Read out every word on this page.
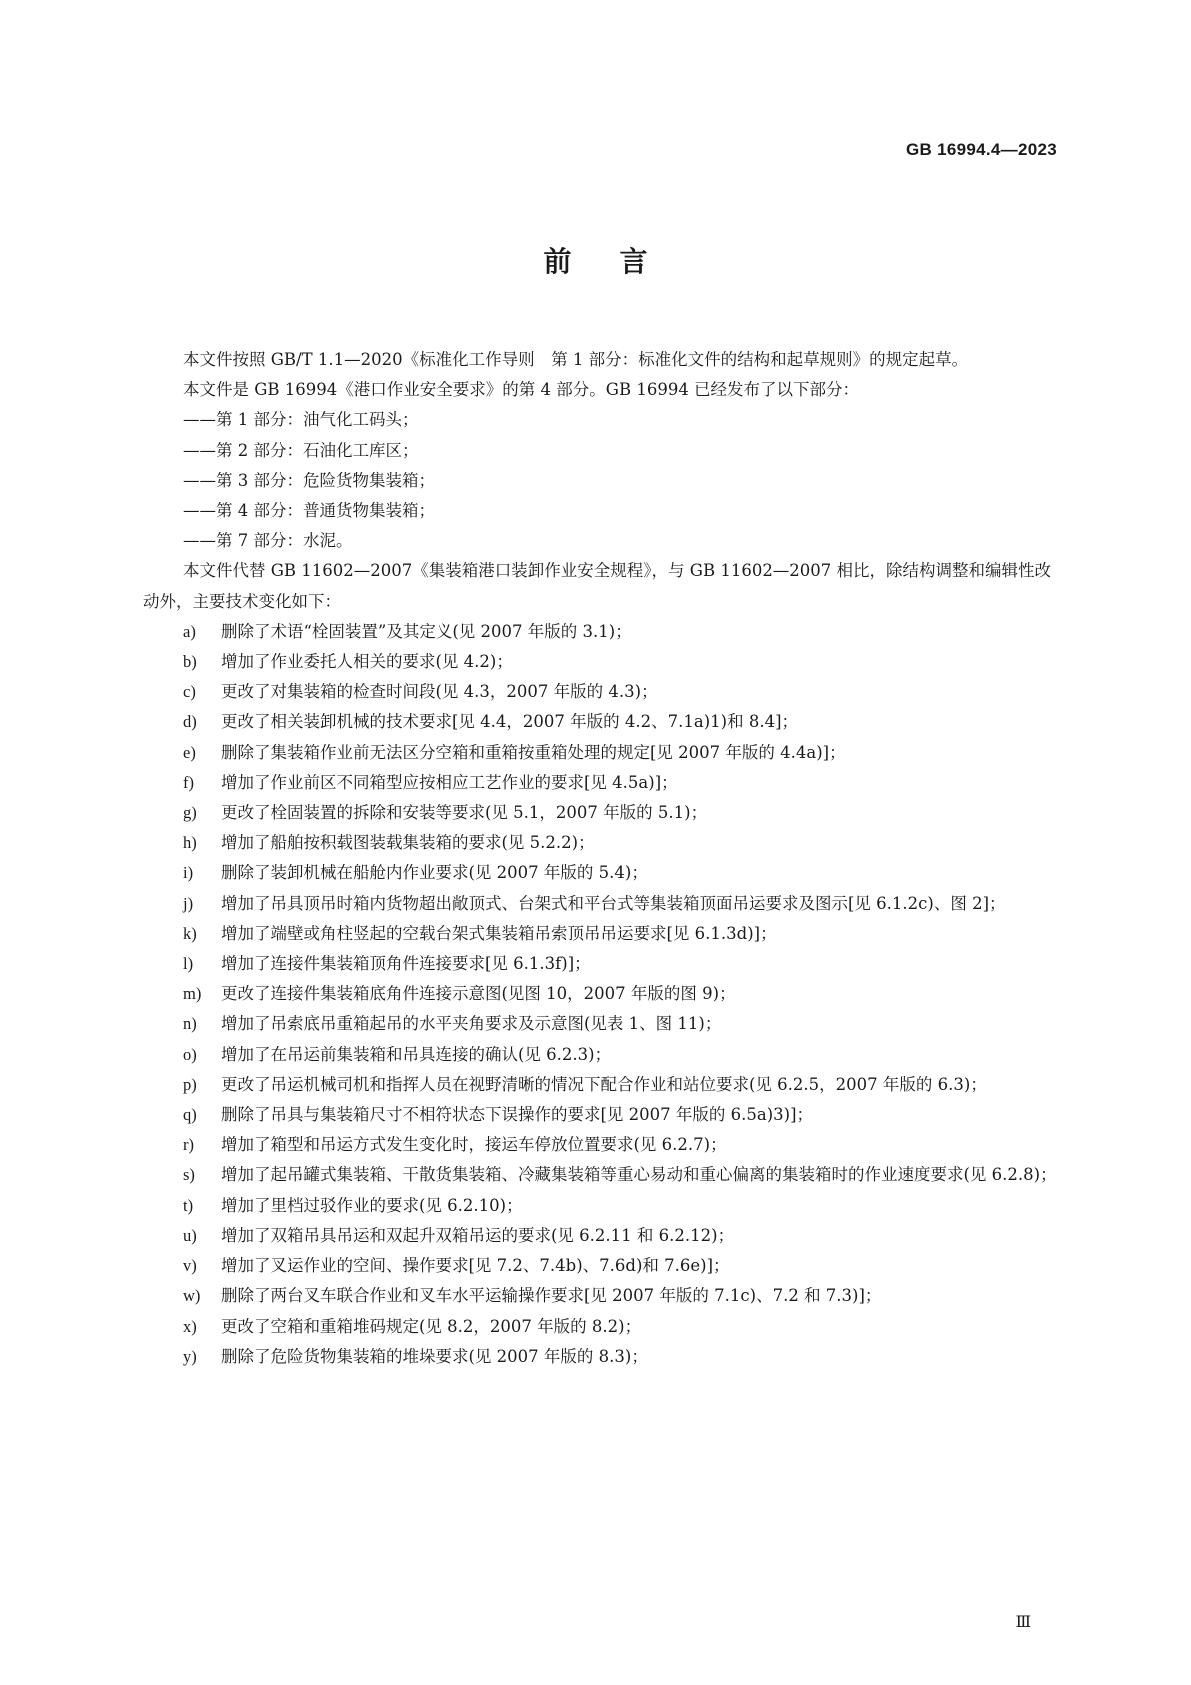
GB 16994.4—2023
前言

本文件按照 GB/T 1.1—2020《标准化工作导则　第 1 部分：标准化文件的结构和起草规则》的规定起草。

本文件是 GB 16994《港口作业安全要求》的第 4 部分。GB 16994 已经发布了以下部分：

——第 1 部分：油气化工码头；

——第 2 部分：石油化工库区；

——第 3 部分：危险货物集装箱；

——第 4 部分：普通货物集装箱；

——第 7 部分：水泥。

本文件代替 GB 11602—2007《集装箱港口装卸作业安全规程》，与 GB 11602—2007 相比，除结构调整和编辑性改动外，主要技术变化如下：

a)	删除了术语“栓固装置”及其定义(见 2007 年版的 3.1)；
b)	增加了作业委托人相关的要求(见 4.2)；
c)	更改了对集装箱的检查时间段(见 4.3，2007 年版的 4.3)；
d)	更改了相关装卸机械的技术要求[见 4.4，2007 年版的 4.2、7.1a)1)和 8.4]；
e)	删除了集装箱作业前无法区分空箱和重箱按重箱处理的规定[见 2007 年版的 4.4a)]；
f)	增加了作业前区不同箱型应按相应工艺作业的要求[见 4.5a)]；
g)	更改了栓固装置的拆除和安装等要求(见 5.1，2007 年版的 5.1)；
h)	增加了船舶按积载图装载集装箱的要求(见 5.2.2)；
i)	删除了装卸机械在船舱内作业要求(见 2007 年版的 5.4)；
j)	增加了吊具顶吊时箱内货物超出敞顶式、台架式和平台式等集装箱顶面吊运要求及图示[见 6.1.2c)、图 2]；
k)	增加了端壁或角柱竖起的空载台架式集装箱吊索顶吊吊运要求[见 6.1.3d)]；
l)	增加了连接件集装箱顶角件连接要求[见 6.1.3f)]；
m)	更改了连接件集装箱底角件连接示意图(见图 10，2007 年版的图 9)；
n)	增加了吊索底吊重箱起吊的水平夹角要求及示意图(见表 1、图 11)；
o)	增加了在吊运前集装箱和吊具连接的确认(见 6.2.3)；
p)	更改了吊运机械司机和指挥人员在视野清晰的情况下配合作业和站位要求(见 6.2.5，2007 年版的 6.3)；
q)	删除了吊具与集装箱尺寸不相符状态下误操作的要求[见 2007 年版的 6.5a)3)]；
r)	增加了箱型和吊运方式发生变化时，接运车停放位置要求(见 6.2.7)；
s)	增加了起吊罐式集装箱、干散货集装箱、冷藏集装箱等重心易动和重心偏离的集装箱时的作业速度要求(见 6.2.8)；
t)	增加了里档过驳作业的要求(见 6.2.10)；
u)	增加了双箱吊具吊运和双起升双箱吊运的要求(见 6.2.11 和 6.2.12)；
v)	增加了叉运作业的空间、操作要求[见 7.2、7.4b)、7.6d)和 7.6e)]；
w)	删除了两台叉车联合作业和叉车水平运输操作要求[见 2007 年版的 7.1c)、7.2 和 7.3)]；
x)	更改了空箱和重箱堆码规定(见 8.2，2007 年版的 8.2)；
y)	删除了危险货物集装箱的堆垛要求(见 2007 年版的 8.3)；
Ⅲ
